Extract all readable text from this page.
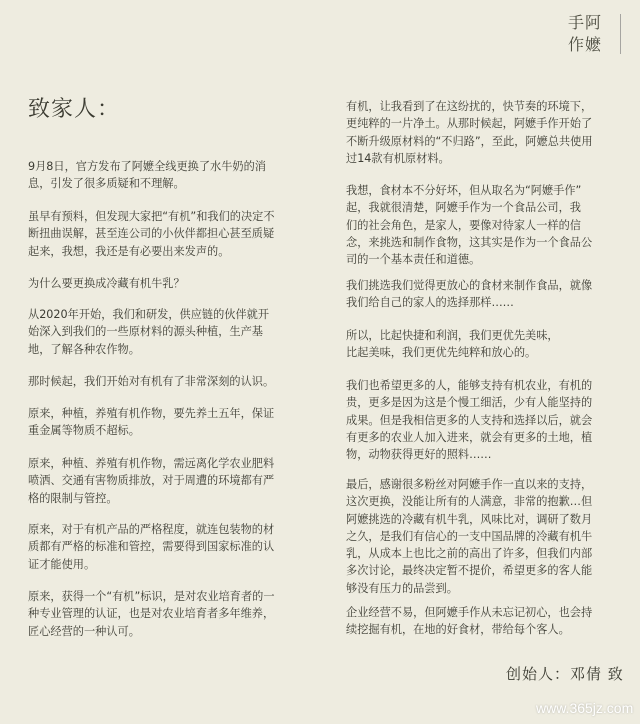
手阿
作嬷
致家人：

9月8日，官方发布了阿嬷全线更换了水牛奶的消
息，引发了很多质疑和不理解。

虽早有预料，但发现大家把“有机”和我们的决定不
断扭曲误解，甚至连公司的小伙伴都担心甚至质疑
起来，我想，我还是有必要出来发声的。

为什么要更换成冷藏有机牛乳？

从2020年开始，我们和研发，供应链的伙伴就开
始深入到我们的一些原材料的源头种植，生产基
地，了解各种农作物。

那时候起，我们开始对有机有了非常深刻的认识。

原来，种植，养殖有机作物，要先养土五年，保证
重金属等物质不超标。

原来，种植、养殖有机作物，需远离化学农业肥料
喷洒、交通有害物质排放，对于周遭的环境都有严
格的限制与管控。

原来，对于有机产品的严格程度，就连包装物的材
质都有严格的标准和管控，需要得到国家标准的认
证才能使用。

原来，获得一个“有机”标识，是对农业培育者的一
种专业管理的认证，也是对农业培育者多年维养，
匠心经营的一种认可。

有机，让我看到了在这纷扰的，快节奏的环境下，
更纯粹的一片净土。从那时候起，阿嬷手作开始了
不断升级原材料的“不归路”，至此，阿嬷总共使用
过14款有机原材料。

我想，食材本不分好坏，但从取名为“阿嬷手作”
起，我就很清楚，阿嬷手作为一个食品公司，我
们的社会角色，是家人，要像对待家人一样的信
念，来挑选和制作食物，这其实是作为一个食品公
司的一个基本责任和道德。

我们挑选我们觉得更放心的食材来制作食品，就像
我们给自己的家人的选择那样……

所以，比起快捷和利润，我们更优先美味，
比起美味，我们更优先纯粹和放心的。

我们也希望更多的人，能够支持有机农业，有机的
贵，更多是因为这是个慢工细活，少有人能坚持的
成果。但是我相信更多的人支持和选择以后，就会
有更多的农业人加入进来，就会有更多的土地，植
物，动物获得更好的照料……

最后，感谢很多粉丝对阿嬷手作一直以来的支持，
这次更换，没能让所有的人满意，非常的抱歉…但
阿嬷挑选的冷藏有机牛乳，风味比对，调研了数月
之久，是我们有信心的一支中国品牌的冷藏有机牛
乳，从成本上也比之前的高出了许多，但我们内部
多次讨论，最终决定暂不提价，希望更多的客人能
够没有压力的品尝到。

企业经营不易，但阿嬷手作从未忘记初心，也会持
续挖掘有机，在地的好食材，带给每个客人。

创始人：邓倩 致
www.365jz.com
